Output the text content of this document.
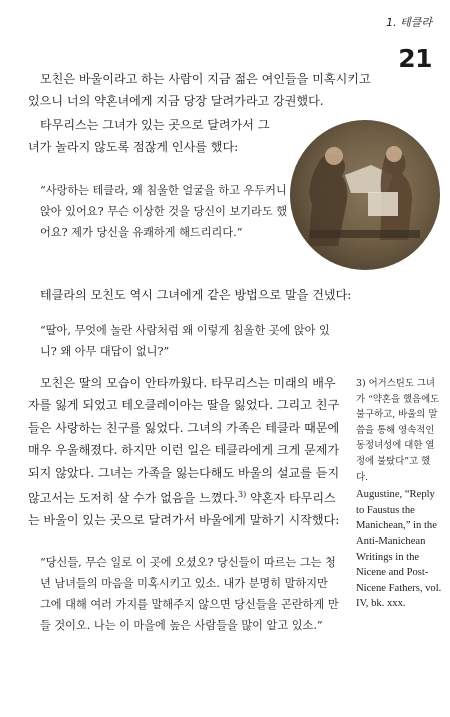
1. 테클라
21

모친은 바울이라고 하는 사람이 지금 젊은 여인들을 미혹시키고 있으니 너의 약혼녀에게 지금 당장 달려가라고 강권했다.

타무리스는 그녀가 있는 곳으로 달려가서 그녀가 놀라지 않도록 점잖게 인사를 했다:

“사랑하는 테클라, 왜 침울한 얼굴을 하고 우두커니 앉아 있어요? 무슨 이상한 것을 당신이 보기라도 했어요? 제가 당신을 유쾌하게 해드리리다.”

테클라의 모친도 역시 그녀에게 같은 방법으로 말을 건넸다:

“딸아, 무엇에 놀란 사람처럼 왜 이렇게 침울한 곳에 앉아 있니? 왜 아무 대답이 없니?”

모친은 딸의 모습이 안타까웠다. 타무리스는 미래의 배우자를 잃게 되었고 테오클레이아는 딸을 잃었다. 그리고 친구들은 사랑하는 친구를 잃었다. 그녀의 가족은 테클라 때문에 매우 우울해졌다. 하지만 이런 일은 테클라에게 크게 문제가 되지 않았다. 그녀는 가족을 잃는다해도 바울의 설교를 듣지 않고서는 도저히 살 수가 없음을 느꼈다.$^{3)}$ 약혼자 타무리스는 바울이 있는 곳으로 달려가서 바울에게 말하기 시작했다:

“당신들, 무슨 일로 이 곳에 오셨오? 당신들이 따르는 그는 청년 남녀들의 마음을 미혹시키고 있소. 내가 분명히 말하지만 그에 대해 여러 가지를 말해주지 않으면 당신들을 곤란하게 만들 것이오. 나는 이 마을에 높은 사람들을 많이 알고 있소.”

3) 어거스틴도 그녀가 “약혼을 했음에도 불구하고, 바울의 말씀을 통해 영속적인 동정녀성에 대한 열정에 불탔다”고 했다.
Augustine, “Reply to Faustus the Manichean,” in the Anti-Manichean Writings in the Nicene and Post-Nicene Fathers, vol. IV, bk. xxx.
